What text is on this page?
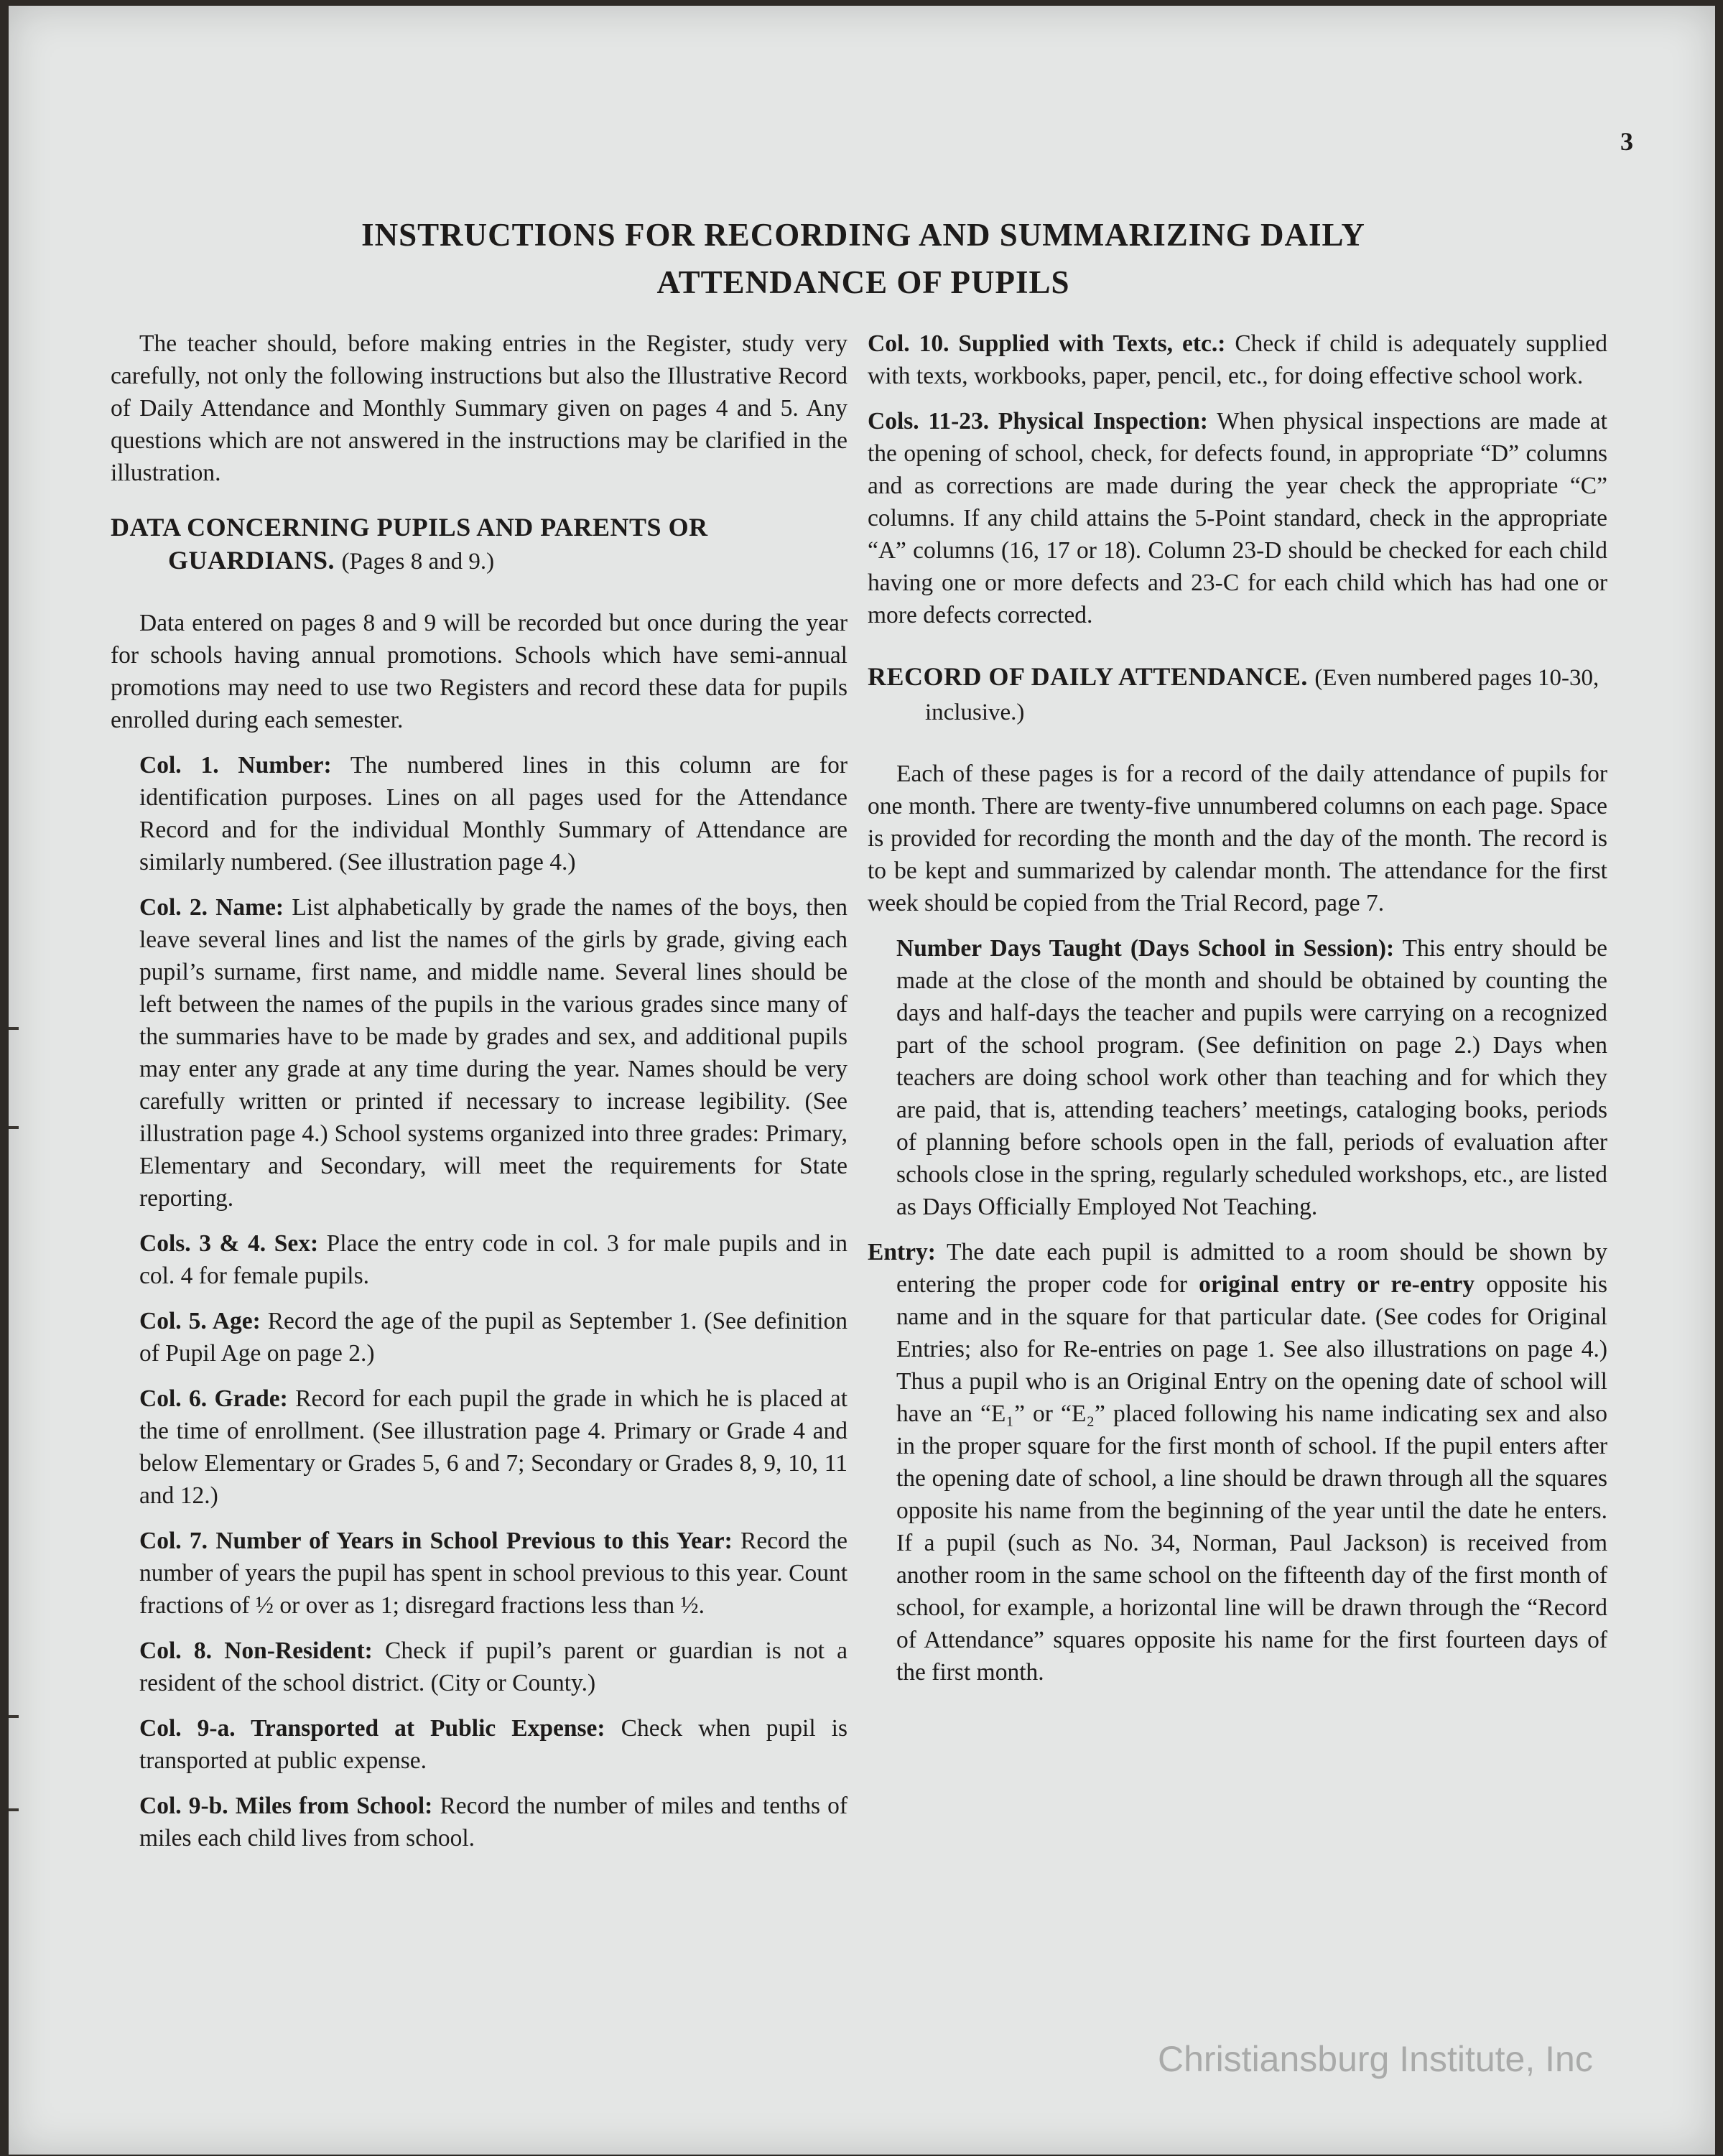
3
INSTRUCTIONS FOR RECORDING AND SUMMARIZING DAILY
ATTENDANCE OF PUPILS

The teacher should, before making entries in the Register, study very carefully, not only the following instructions but also the Illustrative Record of Daily Attendance and Monthly Summary given on pages 4 and 5. Any questions which are not answered in the instructions may be clarified in the illustration.

DATA CONCERNING PUPILS AND PARENTS OR GUARDIANS. (Pages 8 and 9.)

Data entered on pages 8 and 9 will be recorded but once during the year for schools having annual promotions. Schools which have semi-annual promotions may need to use two Registers and record these data for pupils enrolled during each semester.

Col. 1. Number: The numbered lines in this column are for identification purposes. Lines on all pages used for the Attendance Record and for the individual Monthly Summary of Attendance are similarly numbered. (See illustration page 4.)

Col. 2. Name: List alphabetically by grade the names of the boys, then leave several lines and list the names of the girls by grade, giving each pupil’s surname, first name, and middle name. Several lines should be left between the names of the pupils in the various grades since many of the summaries have to be made by grades and sex, and additional pupils may enter any grade at any time during the year. Names should be very carefully written or printed if necessary to increase legibility. (See illustration page 4.) School systems organized into three grades: Primary, Elementary and Secondary, will meet the requirements for State reporting.

Cols. 3 & 4. Sex: Place the entry code in col. 3 for male pupils and in col. 4 for female pupils.

Col. 5. Age: Record the age of the pupil as September 1. (See definition of Pupil Age on page 2.)

Col. 6. Grade: Record for each pupil the grade in which he is placed at the time of enrollment. (See illustration page 4. Primary or Grade 4 and below Elementary or Grades 5, 6 and 7; Secondary or Grades 8, 9, 10, 11 and 12.)

Col. 7. Number of Years in School Previous to this Year: Record the number of years the pupil has spent in school previous to this year. Count fractions of ½ or over as 1; disregard fractions less than ½.

Col. 8. Non-Resident: Check if pupil’s parent or guardian is not a resident of the school district. (City or County.)

Col. 9-a. Transported at Public Expense: Check when pupil is transported at public expense.

Col. 9-b. Miles from School: Record the number of miles and tenths of miles each child lives from school.

Col. 10. Supplied with Texts, etc.: Check if child is adequately supplied with texts, workbooks, paper, pencil, etc., for doing effective school work.

Cols. 11-23. Physical Inspection: When physical inspections are made at the opening of school, check, for defects found, in appropriate “D” columns and as corrections are made during the year check the appropriate “C” columns. If any child attains the 5-Point standard, check in the appropriate “A” columns (16, 17 or 18). Column 23-D should be checked for each child having one or more defects and 23-C for each child which has had one or more defects corrected.

RECORD OF DAILY ATTENDANCE. (Even numbered pages 10-30, inclusive.)

Each of these pages is for a record of the daily attendance of pupils for one month. There are twenty-five unnumbered columns on each page. Space is provided for recording the month and the day of the month. The record is to be kept and summarized by calendar month. The attendance for the first week should be copied from the Trial Record, page 7.

Number Days Taught (Days School in Session): This entry should be made at the close of the month and should be obtained by counting the days and half-days the teacher and pupils were carrying on a recognized part of the school program. (See definition on page 2.) Days when teachers are doing school work other than teaching and for which they are paid, that is, attending teachers’ meetings, cataloging books, periods of planning before schools open in the fall, periods of evaluation after schools close in the spring, regularly scheduled workshops, etc., are listed as Days Officially Employed Not Teaching.

Entry: The date each pupil is admitted to a room should be shown by entering the proper code for original entry or re-entry opposite his name and in the square for that particular date. (See codes for Original Entries; also for Re-entries on page 1. See also illustrations on page 4.) Thus a pupil who is an Original Entry on the opening date of school will have an “E₁” or “E₂” placed following his name indicating sex and also in the proper square for the first month of school. If the pupil enters after the opening date of school, a line should be drawn through all the squares opposite his name from the beginning of the year until the date he enters. If a pupil (such as No. 34, Norman, Paul Jackson) is received from another room in the same school on the fifteenth day of the first month of school, for example, a horizontal line will be drawn through the “Record of Attendance” squares opposite his name for the first fourteen days of the first month.

Christiansburg Institute, Inc
